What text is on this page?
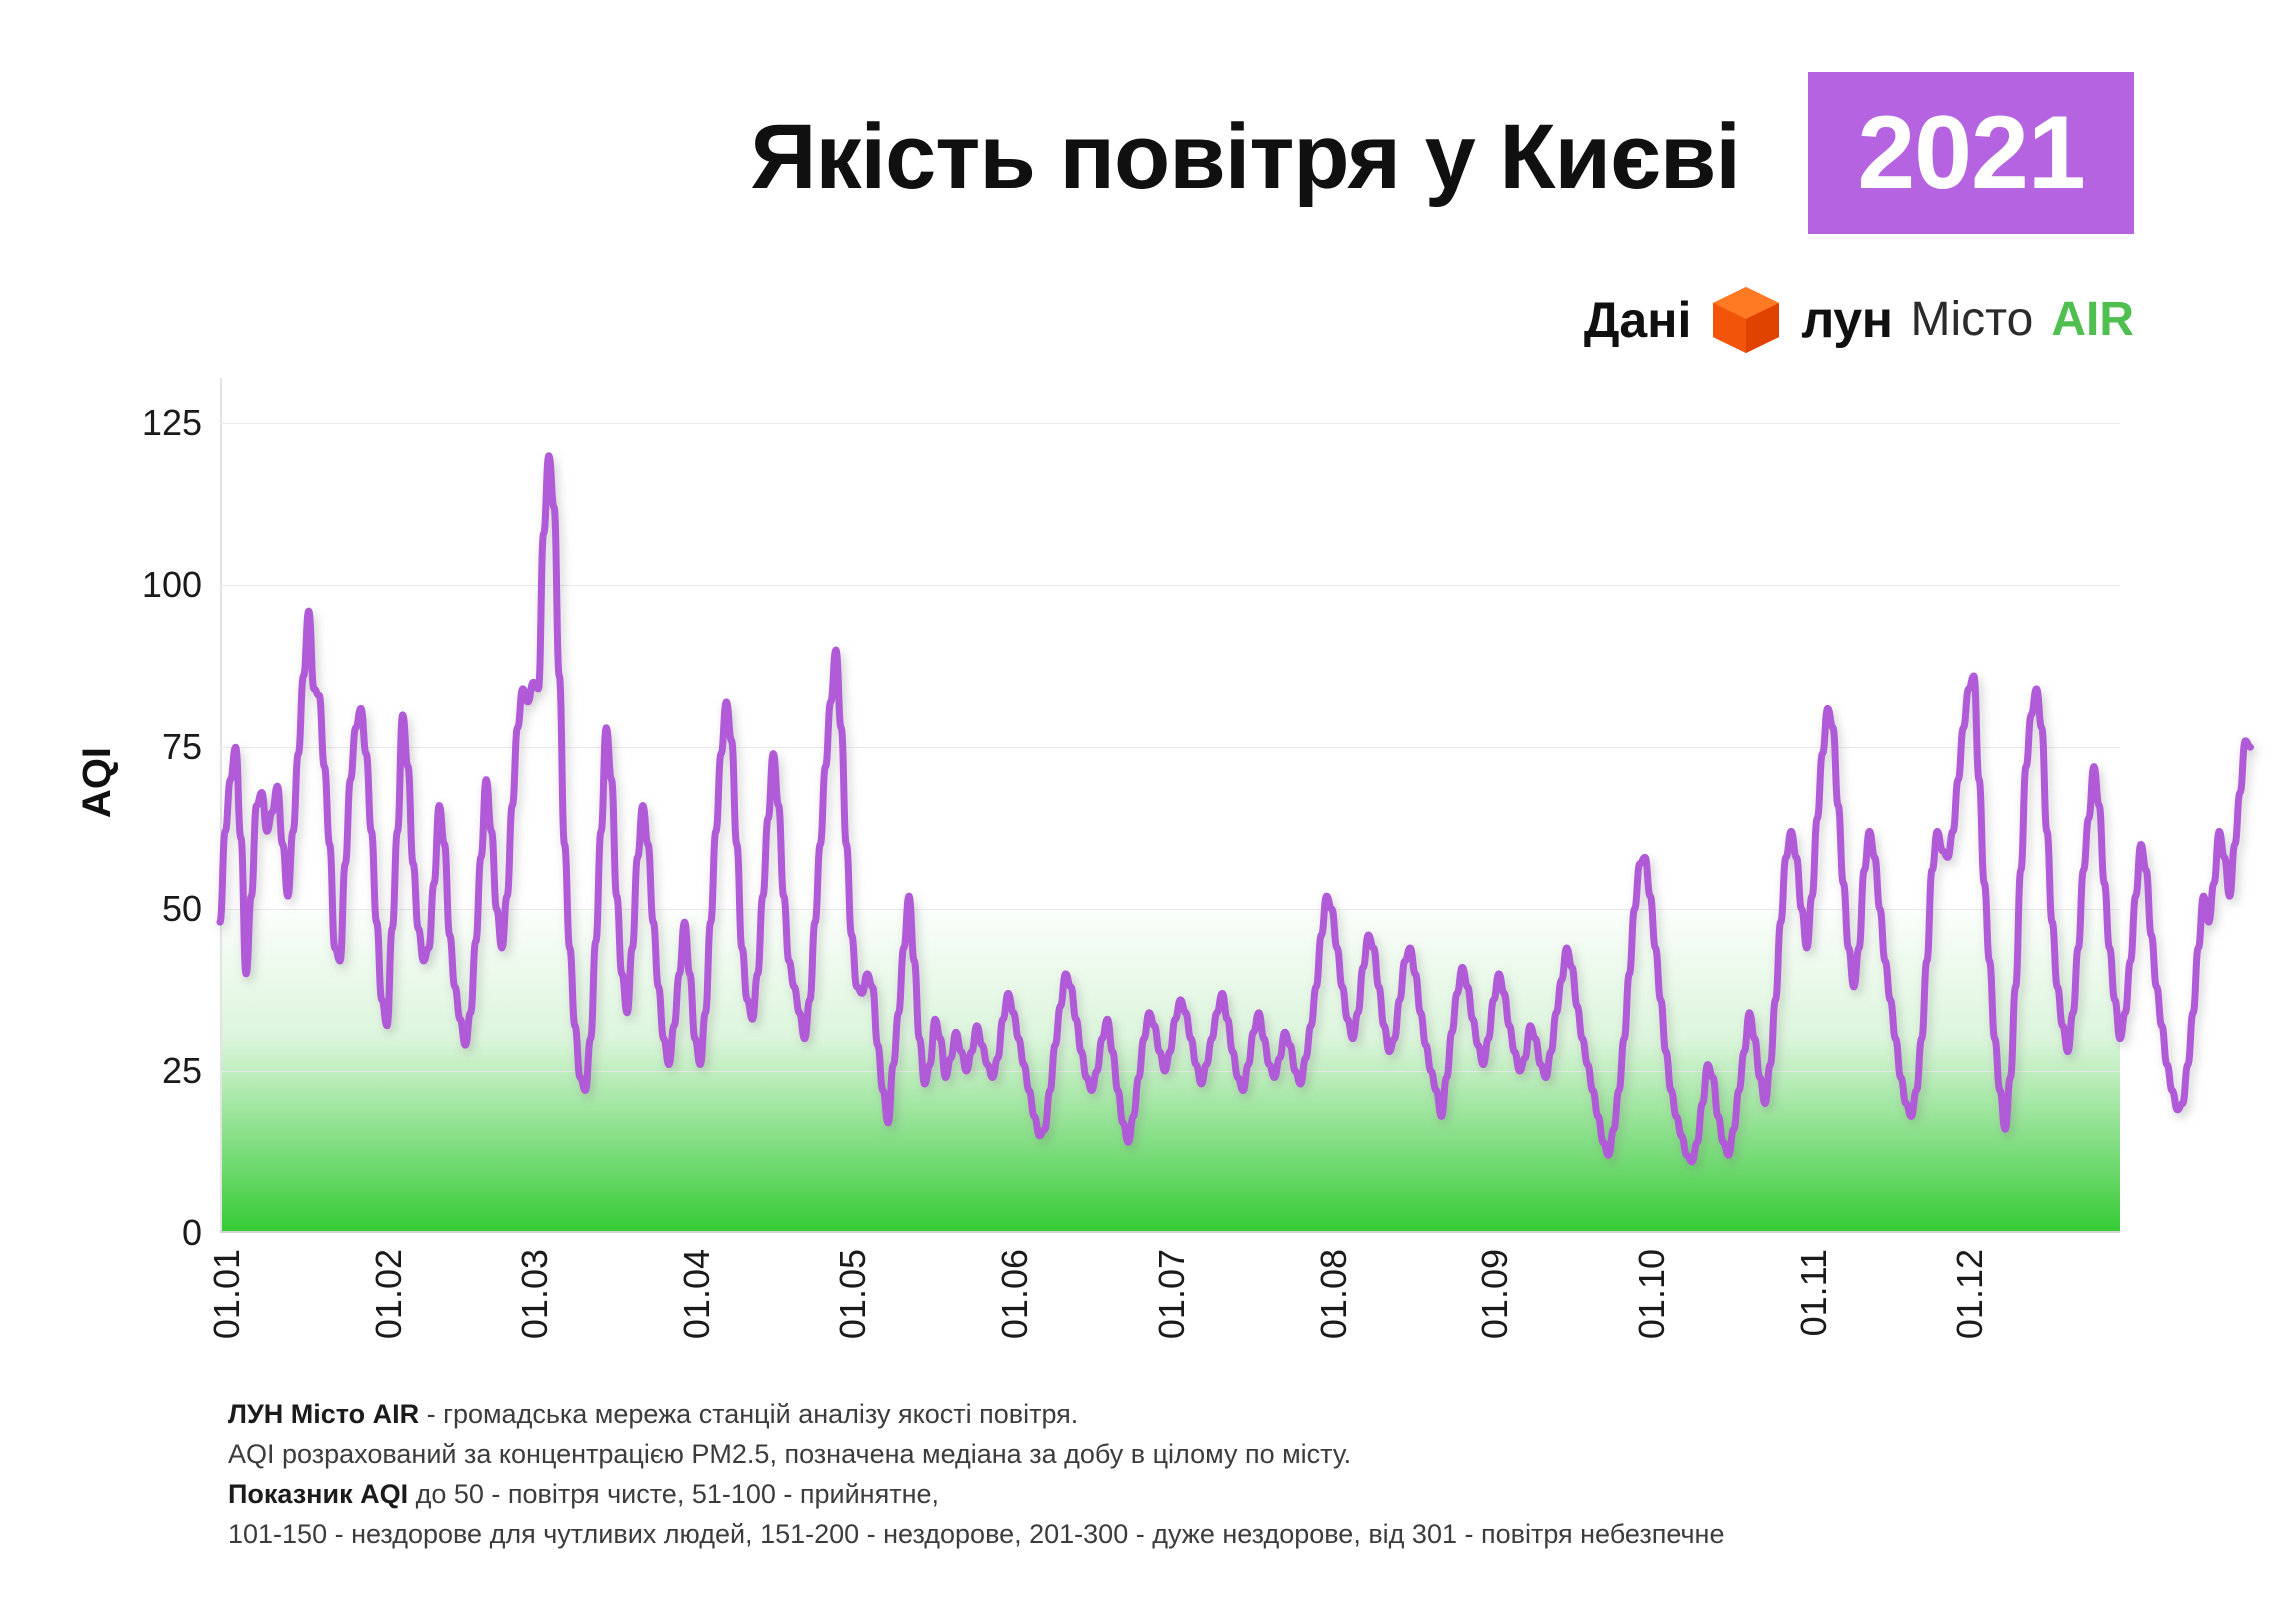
Якість повітря у Києві 2021
Дані лун Місто AIR
AQI
0
25
50
75
100
125
01.01	01.02	01.03	01.04	01.05	01.06	01.07	01.08	01.09	01.10	01.11	01.12
ЛУН Місто AIR - громадська мережа станцій аналізу якості повітря.
AQI розрахований за концентрацією PM2.5, позначена медіана за добу в цілому по місту.
Показник AQI до 50 - повітря чисте, 51-100 - прийнятне,
101-150 - нездорове для чутливих людей, 151-200 - нездорове, 201-300 - дуже нездорове, від 301 - повітря небезпечне
